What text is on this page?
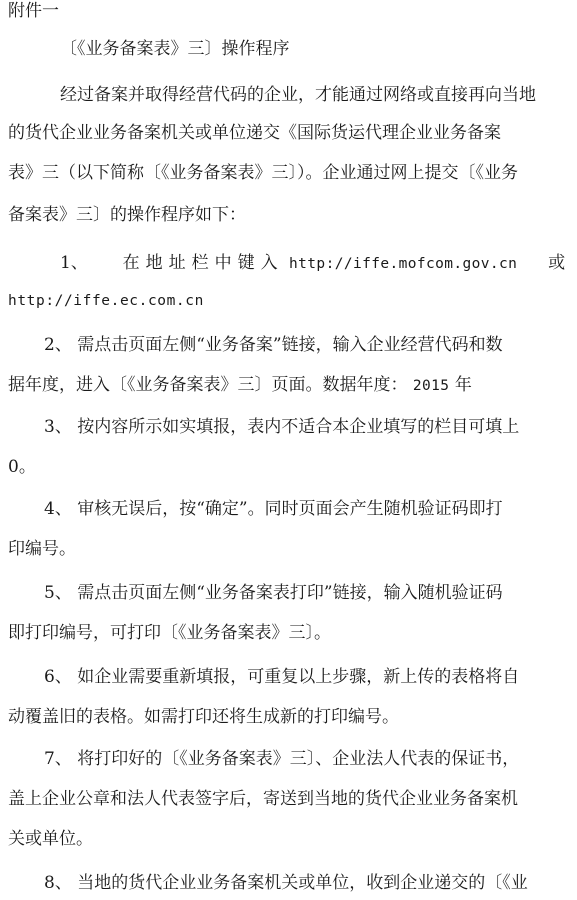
附件一

〔《业务备案表》三〕操作程序

经过备案并取得经营代码的企业，才能通过网络或直接再向当地

的货代企业业务备案机关或单位递交《国际货运代理企业业务备案

表》三（以下简称〔《业务备案表》三〕）。企业通过网上提交〔《业务

备案表》三〕的操作程序如下：

1、 在地址栏中键入 http://iffe.mofcom.gov.cn 或

http://iffe.ec.com.cn

2、 需点击页面左侧“业务备案”链接，输入企业经营代码和数

据年度，进入〔《业务备案表》三〕页面。数据年度： 2015 年

3、 按内容所示如实填报，表内不适合本企业填写的栏目可填上

0。

4、 审核无误后，按“确定”。同时页面会产生随机验证码即打

印编号。

5、 需点击页面左侧“业务备案表打印”链接，输入随机验证码

即打印编号，可打印〔《业务备案表》三〕。

6、 如企业需要重新填报，可重复以上步骤，新上传的表格将自

动覆盖旧的表格。如需打印还将生成新的打印编号。

7、 将打印好的〔《业务备案表》三〕、企业法人代表的保证书，

盖上企业公章和法人代表签字后，寄送到当地的货代企业业务备案机

关或单位。

8、 当地的货代企业业务备案机关或单位，收到企业递交的〔《业
